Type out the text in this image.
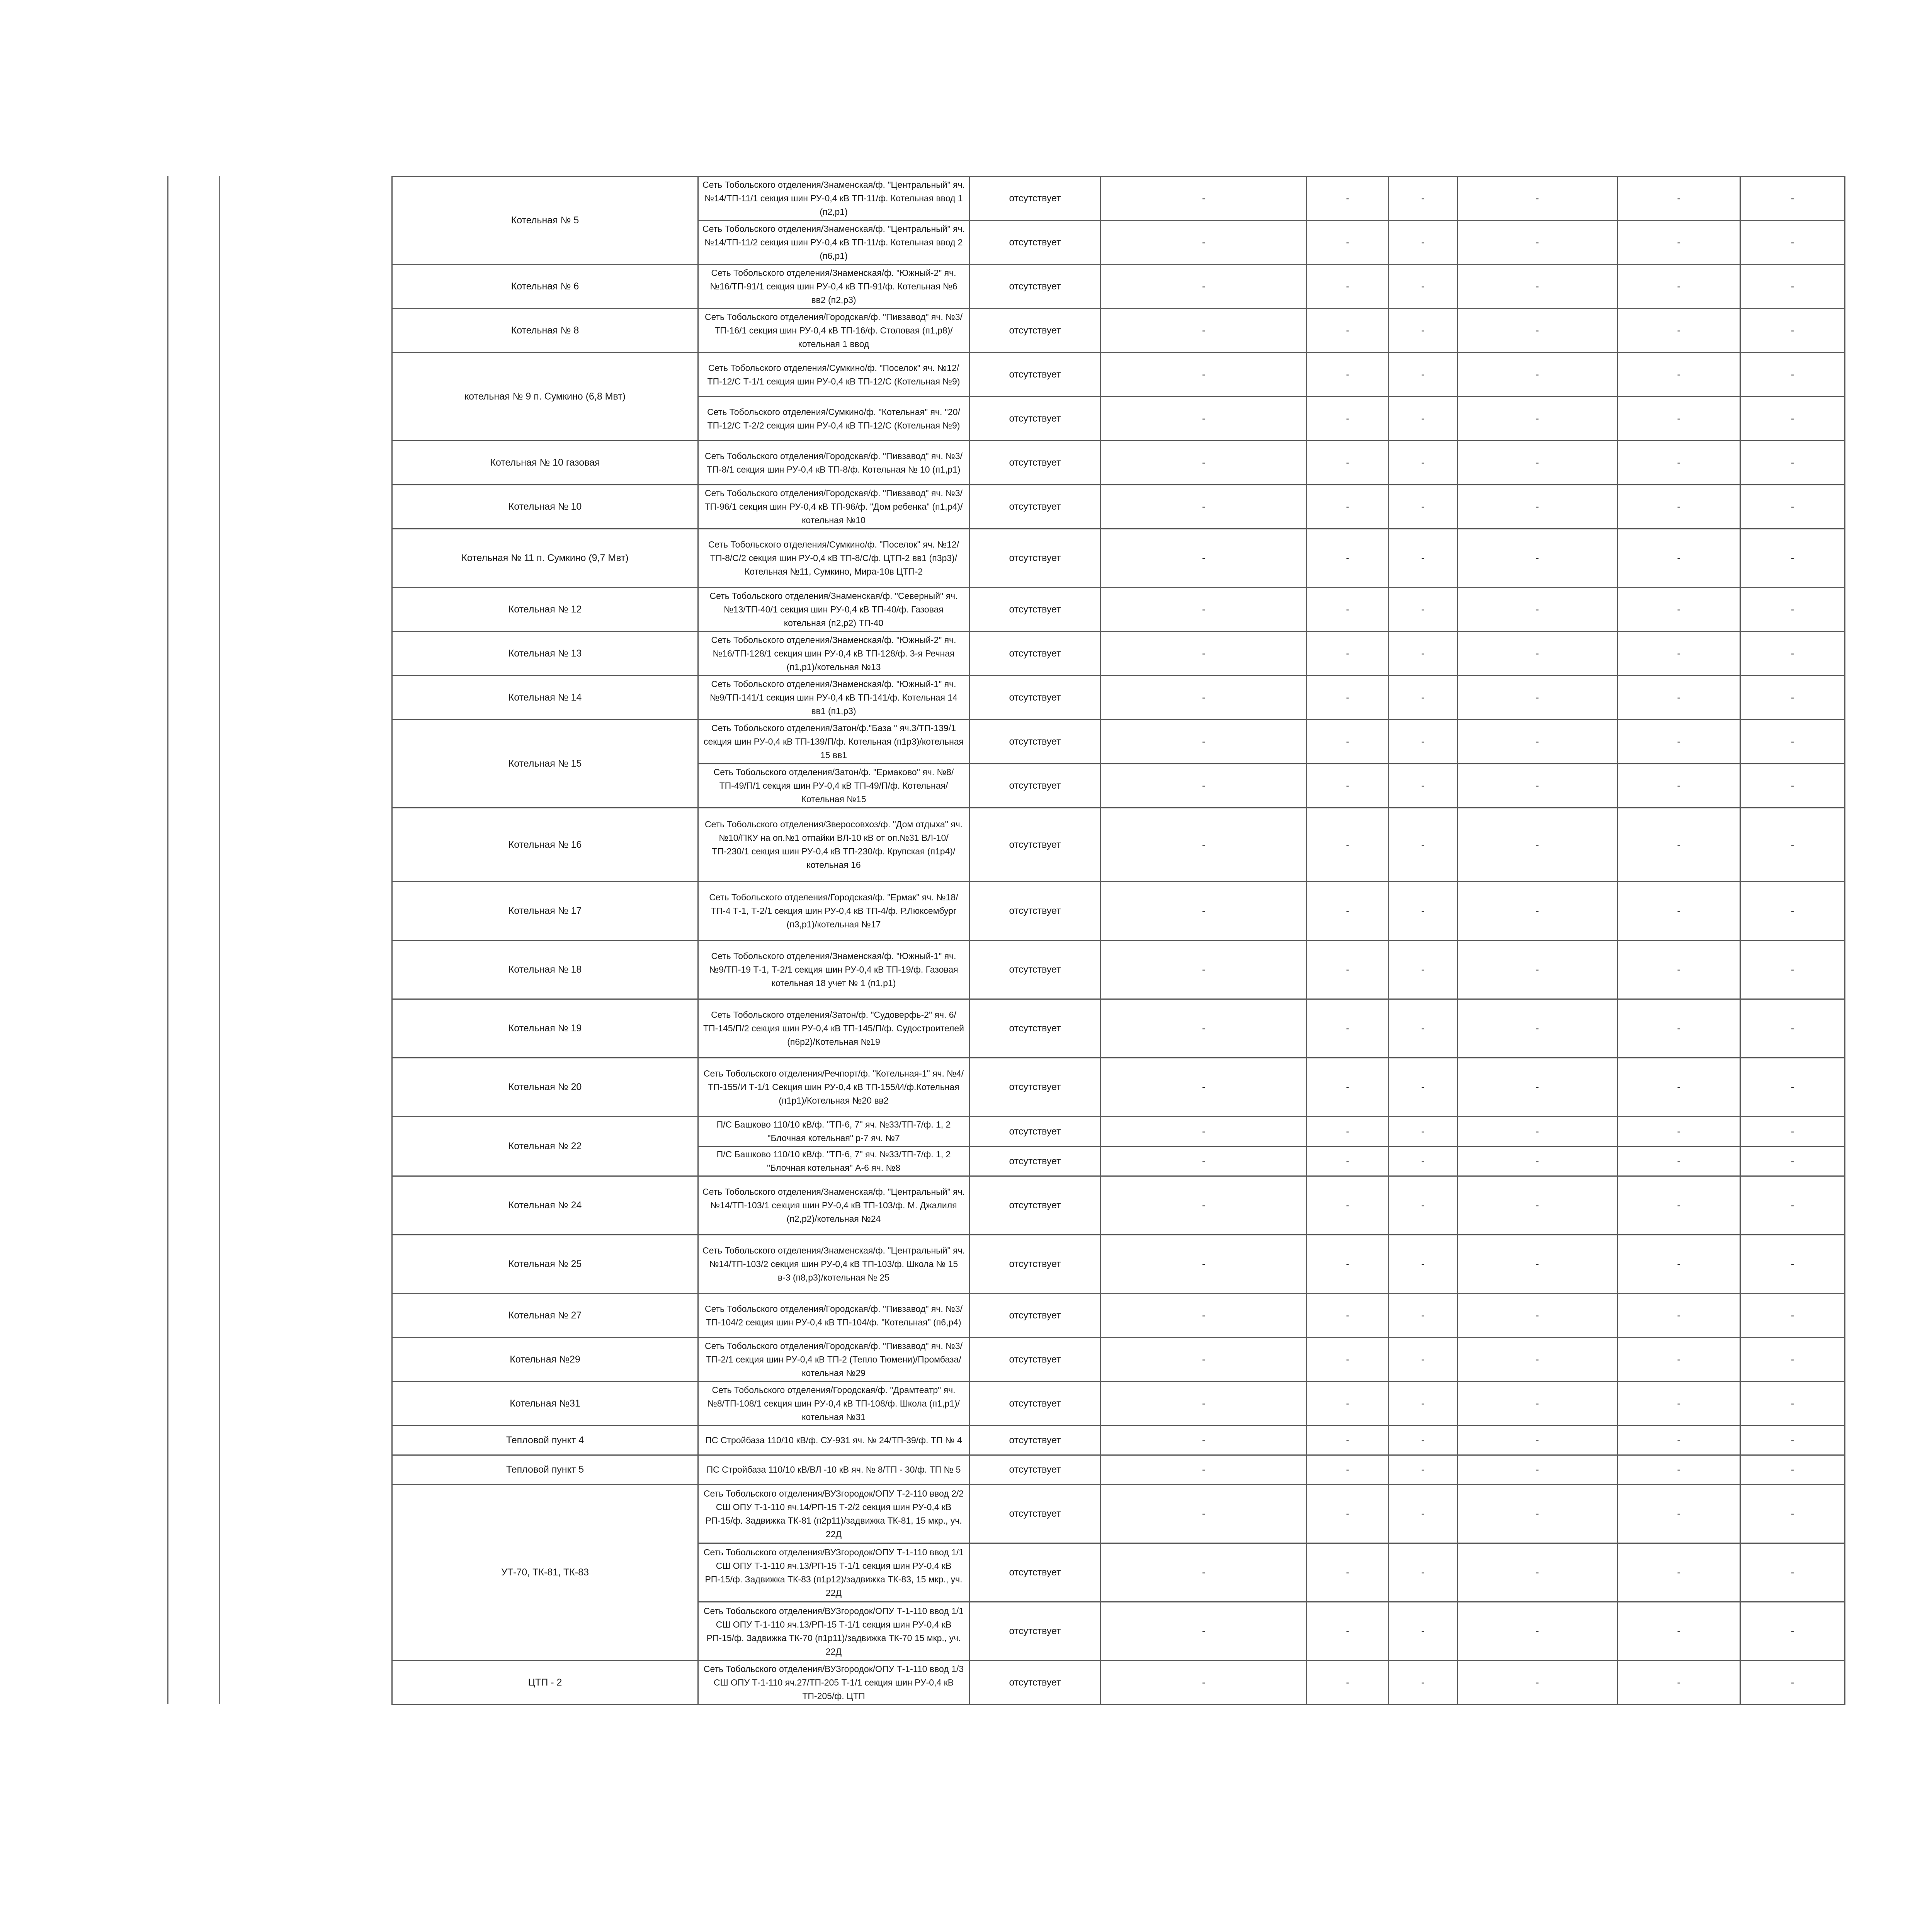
Котельная № 5	Сеть Тобольского отделения/Знаменская/ф. "Центральный" яч. №14/ТП-11/1 секция шин РУ-0,4 кВ ТП-11/ф. Котельная ввод 1 (п2,р1)	отсутствует	-	-	-	-	-	-
	Сеть Тобольского отделения/Знаменская/ф. "Центральный" яч. №14/ТП-11/2 секция шин РУ-0,4 кВ ТП-11/ф. Котельная ввод 2 (п6,р1)	отсутствует	-	-	-	-	-	-
Котельная № 6	Сеть Тобольского отделения/Знаменская/ф. "Южный-2" яч. №16/ТП-91/1 секция шин РУ-0,4 кВ ТП-91/ф. Котельная №6 вв2 (п2,р3)	отсутствует	-	-	-	-	-	-
Котельная № 8	Сеть Тобольского отделения/Городская/ф. "Пивзавод" яч. №3/ТП-16/1 секция шин РУ-0,4 кВ ТП-16/ф. Столовая (п1,р8)/котельная 1 ввод	отсутствует	-	-	-	-	-	-
котельная № 9 п. Сумкино (6,8 Мвт)	Сеть Тобольского отделения/Сумкино/ф. "Поселок" яч. №12/ТП-12/С Т-1/1 секция шин РУ-0,4 кВ ТП-12/С (Котельная №9)	отсутствует	-	-	-	-	-	-
	Сеть Тобольского отделения/Сумкино/ф. "Котельная" яч. "20/ТП-12/С Т-2/2 секция шин РУ-0,4 кВ ТП-12/С (Котельная №9)	отсутствует	-	-	-	-	-	-
Котельная № 10 газовая	Сеть Тобольского отделения/Городская/ф. "Пивзавод" яч. №3/ТП-8/1 секция шин РУ-0,4 кВ ТП-8/ф. Котельная № 10 (п1,р1)	отсутствует	-	-	-	-	-	-
Котельная № 10	Сеть Тобольского отделения/Городская/ф. "Пивзавод" яч. №3/ТП-96/1 секция шин РУ-0,4 кВ ТП-96/ф. "Дом ребенка" (п1,р4)/котельная №10	отсутствует	-	-	-	-	-	-
Котельная № 11 п. Сумкино (9,7 Мвт)	Сеть Тобольского отделения/Сумкино/ф. "Поселок" яч. №12/ТП-8/С/2 секция шин РУ-0,4 кВ ТП-8/С/ф. ЦТП-2 вв1 (п3р3)/Котельная №11, Сумкино, Мира-10в ЦТП-2	отсутствует	-	-	-	-	-	-
Котельная № 12	Сеть Тобольского отделения/Знаменская/ф. "Северный" яч. №13/ТП-40/1 секция шин РУ-0,4 кВ ТП-40/ф. Газовая котельная (п2,р2) ТП-40	отсутствует	-	-	-	-	-	-
Котельная № 13	Сеть Тобольского отделения/Знаменская/ф. "Южный-2" яч. №16/ТП-128/1 секция шин РУ-0,4 кВ ТП-128/ф. 3-я Речная (п1,р1)/котельная №13	отсутствует	-	-	-	-	-	-
Котельная № 14	Сеть Тобольского отделения/Знаменская/ф. "Южный-1" яч. №9/ТП-141/1 секция шин РУ-0,4 кВ ТП-141/ф. Котельная 14 вв1 (п1,р3)	отсутствует	-	-	-	-	-	-
Котельная № 15	Сеть Тобольского отделения/Затон/ф."База " яч.3/ТП-139/1 секция шин РУ-0,4 кВ ТП-139/П/ф. Котельная (п1р3)/котельная 15 вв1	отсутствует	-	-	-	-	-	-
	Сеть Тобольского отделения/Затон/ф. "Ермаково" яч. №8/ТП-49/П/1 секция шин РУ-0,4 кВ ТП-49/П/ф. Котельная/Котельная №15	отсутствует	-	-	-	-	-	-
Котельная № 16	Сеть Тобольского отделения/Зверосовхоз/ф. "Дом отдыха" яч. №10/ПКУ на оп.№1 отпайки ВЛ-10 кВ от оп.№31 ВЛ-10/ТП-230/1 секция шин РУ-0,4 кВ ТП-230/ф. Крупская (п1р4)/котельная 16	отсутствует	-	-	-	-	-	-
Котельная № 17	Сеть Тобольского отделения/Городская/ф. "Ермак" яч. №18/ТП-4 Т-1, Т-2/1 секция шин РУ-0,4 кВ ТП-4/ф. Р.Люксембург (п3,р1)/котельная №17	отсутствует	-	-	-	-	-	-
Котельная № 18	Сеть Тобольского отделения/Знаменская/ф. "Южный-1" яч. №9/ТП-19 Т-1, Т-2/1 секция шин РУ-0,4 кВ ТП-19/ф. Газовая котельная 18 учет № 1 (п1,р1)	отсутствует	-	-	-	-	-	-
Котельная № 19	Сеть Тобольского отделения/Затон/ф. "Судоверфь-2" яч. 6/ТП-145/П/2 секция шин РУ-0,4 кВ ТП-145/П/ф. Судостроителей (п6р2)/Котельная №19	отсутствует	-	-	-	-	-	-
Котельная № 20	Сеть Тобольского отделения/Речпорт/ф. "Котельная-1" яч. №4/ТП-155/И Т-1/1 Секция шин РУ-0,4 кВ ТП-155/И/ф.Котельная (п1р1)/Котельная №20 вв2	отсутствует	-	-	-	-	-	-
Котельная № 22	П/С Башково 110/10 кВ/ф. "ТП-6, 7" яч. №33/ТП-7/ф. 1, 2 "Блочная котельная" р-7 яч. №7	отсутствует	-	-	-	-	-	-
	П/С Башково 110/10 кВ/ф. "ТП-6, 7" яч. №33/ТП-7/ф. 1, 2 "Блочная котельная" А-6 яч. №8	отсутствует	-	-	-	-	-	-
Котельная № 24	Сеть Тобольского отделения/Знаменская/ф. "Центральный" яч. №14/ТП-103/1 секция шин РУ-0,4 кВ ТП-103/ф. М. Джалиля (п2,р2)/котельная №24	отсутствует	-	-	-	-	-	-
Котельная № 25	Сеть Тобольского отделения/Знаменская/ф. "Центральный" яч. №14/ТП-103/2 секция шин РУ-0,4 кВ ТП-103/ф. Школа № 15 в-3 (п8,р3)/котельная № 25	отсутствует	-	-	-	-	-	-
Котельная № 27	Сеть Тобольского отделения/Городская/ф. "Пивзавод" яч. №3/ТП-104/2 секция шин РУ-0,4 кВ ТП-104/ф. "Котельная" (п6,р4)	отсутствует	-	-	-	-	-	-
Котельная №29	Сеть Тобольского отделения/Городская/ф. "Пивзавод" яч. №3/ТП-2/1 секция шин РУ-0,4 кВ ТП-2 (Тепло Тюмени)/Промбаза/котельная №29	отсутствует	-	-	-	-	-	-
Котельная №31	Сеть Тобольского отделения/Городская/ф. "Драмтеатр" яч. №8/ТП-108/1 секция шин РУ-0,4 кВ ТП-108/ф. Школа (п1,р1)/котельная №31	отсутствует	-	-	-	-	-	-
Тепловой пункт 4	ПС Стройбаза 110/10 кВ/ф. СУ-931 яч. № 24/ТП-39/ф. ТП № 4	отсутствует	-	-	-	-	-	-
Тепловой пункт 5	ПС Стройбаза 110/10 кВ/ВЛ -10 кВ яч. № 8/ТП - 30/ф. ТП № 5	отсутствует	-	-	-	-	-	-
УТ-70, ТК-81, ТК-83	Сеть Тобольского отделения/ВУЗгородок/ОПУ Т-2-110 ввод 2/2 СШ ОПУ Т-1-110 яч.14/РП-15 Т-2/2 секция шин РУ-0,4 кВ РП-15/ф. Задвижка ТК-81 (п2р11)/задвижка ТК-81, 15 мкр., уч. 22Д	отсутствует	-	-	-	-	-	-
	Сеть Тобольского отделения/ВУЗгородок/ОПУ Т-1-110 ввод 1/1 СШ ОПУ Т-1-110 яч.13/РП-15 Т-1/1 секция шин РУ-0,4 кВ РП-15/ф. Задвижка ТК-83 (п1р12)/задвижка ТК-83, 15 мкр., уч. 22Д	отсутствует	-	-	-	-	-	-
	Сеть Тобольского отделения/ВУЗгородок/ОПУ Т-1-110 ввод 1/1 СШ ОПУ Т-1-110 яч.13/РП-15 Т-1/1 секция шин РУ-0,4 кВ РП-15/ф. Задвижка ТК-70 (п1р11)/задвижка ТК-70 15 мкр., уч. 22Д	отсутствует	-	-	-	-	-	-
ЦТП - 2	Сеть Тобольского отделения/ВУЗгородок/ОПУ Т-1-110 ввод 1/3 СШ ОПУ Т-1-110 яч.27/ТП-205 Т-1/1 секция шин РУ-0,4 кВ ТП-205/ф. ЦТП	отсутствует	-	-	-	-	-	-
